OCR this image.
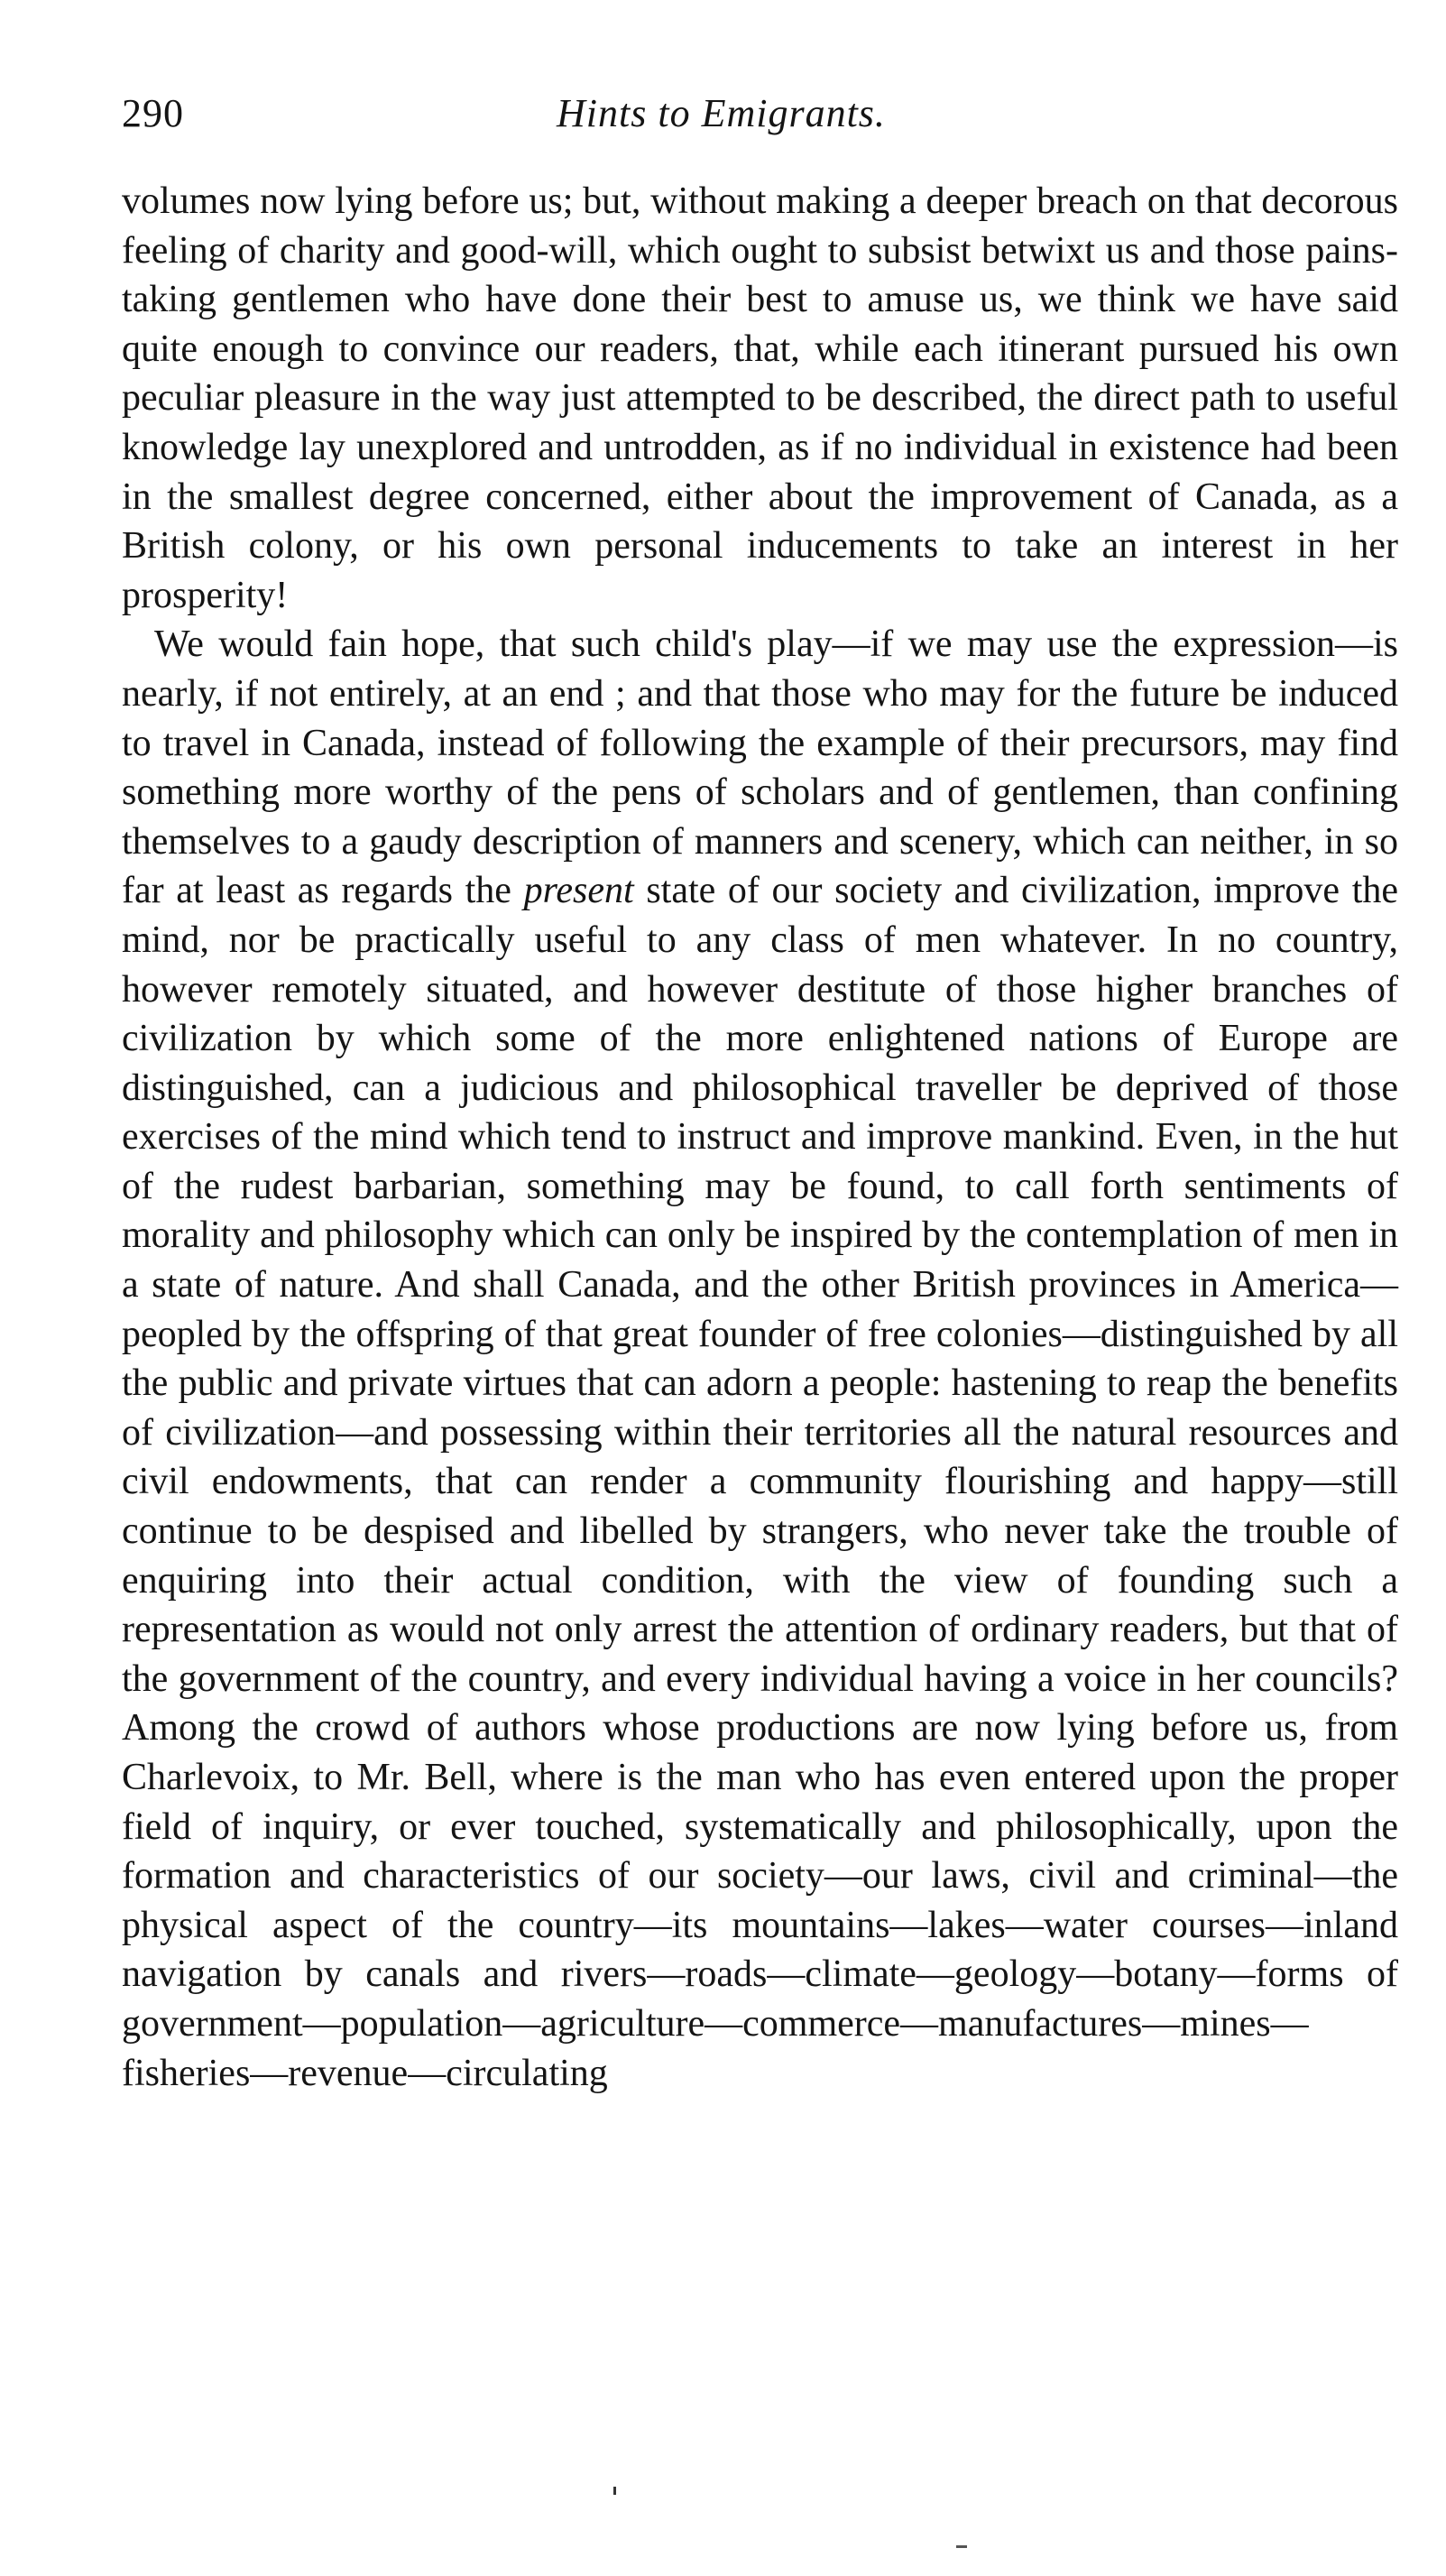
290	Hints to Emigrants.

volumes now lying before us; but, without making a deeper breach on that decorous feeling of charity and good-will, which ought to subsist betwixt us and those pains-taking gentlemen who have done their best to amuse us, we think we have said quite enough to convince our readers, that, while each itinerant pursued his own peculiar pleasure in the way just attempted to be described, the direct path to useful knowledge lay unexplored and untrodden, as if no individual in existence had been in the smallest degree concerned, either about the improvement of Canada, as a British colony, or his own personal inducements to take an interest in her prosperity!

We would fain hope, that such child's play—if we may use the expression—is nearly, if not entirely, at an end ; and that those who may for the future be induced to travel in Canada, instead of following the example of their precursors, may find something more worthy of the pens of scholars and of gentlemen, than confining themselves to a gaudy description of manners and scenery, which can neither, in so far at least as regards the present state of our society and civilization, improve the mind, nor be practically useful to any class of men whatever. In no country, however remotely situated, and however destitute of those higher branches of civilization by which some of the more enlightened nations of Europe are distinguished, can a judicious and philosophical traveller be deprived of those exercises of the mind which tend to instruct and improve mankind. Even, in the hut of the rudest barbarian, something may be found, to call forth sentiments of morality and philosophy which can only be inspired by the contemplation of men in a state of nature. And shall Canada, and the other British provinces in America—peopled by the offspring of that great founder of free colonies—distinguished by all the public and private virtues that can adorn a people: hastening to reap the benefits of civilization—and possessing within their territories all the natural resources and civil endowments, that can render a community flourishing and happy—still continue to be despised and libelled by strangers, who never take the trouble of enquiring into their actual condition, with the view of founding such a representation as would not only arrest the attention of ordinary readers, but that of the government of the country, and every individual having a voice in her councils? Among the crowd of authors whose productions are now lying before us, from Charlevoix, to Mr. Bell, where is the man who has even entered upon the proper field of inquiry, or ever touched, systematically and philosophically, upon the formation and characteristics of our society—our laws, civil and criminal—the physical aspect of the country—its mountains—lakes—water courses—inland navigation by canals and rivers—roads—climate—geology—botany—forms of government—population—agriculture—commerce—manufactures—mines—fisheries—revenue—circulating
